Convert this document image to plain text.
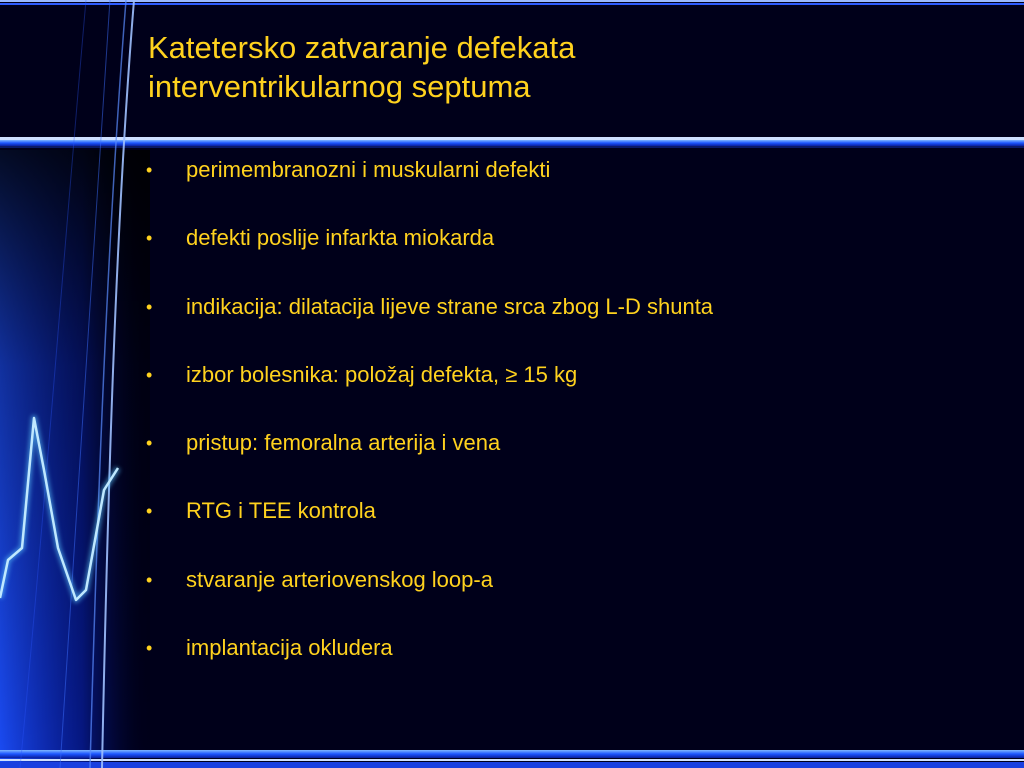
Katetersko zatvaranje defekata
interventrikularnog septuma
• perimembranozni i muskularni defekti
• defekti poslije infarkta miokarda
• indikacija: dilatacija lijeve strane srca zbog L-D shunta
• izbor bolesnika: položaj defekta, ≥ 15 kg
• pristup: femoralna arterija i vena
• RTG i TEE kontrola
• stvaranje arteriovenskog loop-a
• implantacija okludera
